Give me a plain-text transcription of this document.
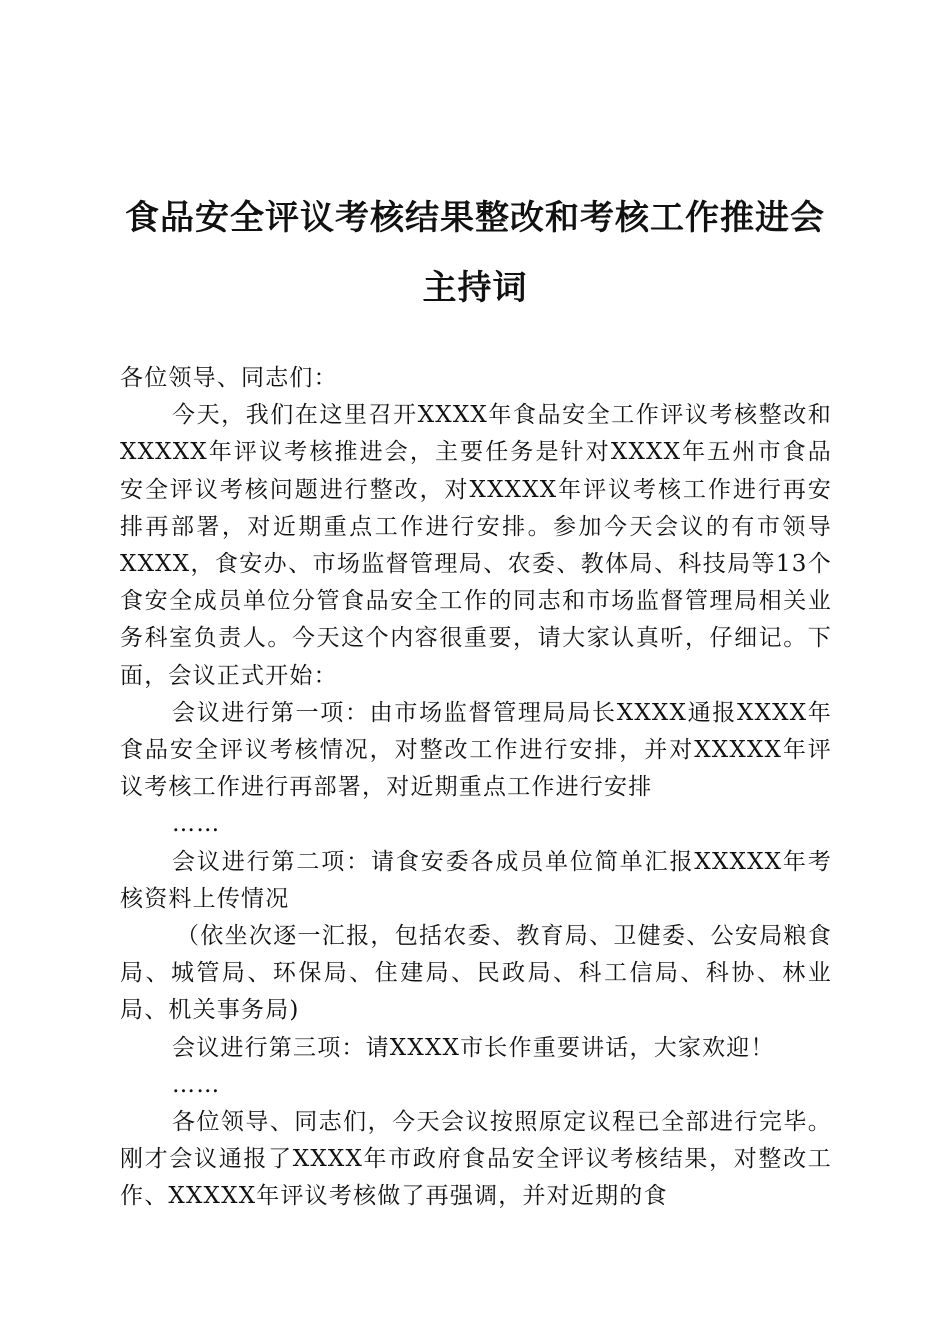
食品安全评议考核结果整改和考核工作推进会
主持词

各位领导、同志们：

今天，我们在这里召开XXXX年食品安全工作评议考核整改和XXXXX年评议考核推进会，主要任务是针对XXXX年五州市食品安全评议考核问题进行整改，对XXXXX年评议考核工作进行再安排再部署，对近期重点工作进行安排。参加今天会议的有市领导XXXX，食安办、市场监督管理局、农委、教体局、科技局等13个食安全成员单位分管食品安全工作的同志和市场监督管理局相关业务科室负责人。今天这个内容很重要，请大家认真听，仔细记。下面，会议正式开始：

会议进行第一项：由市场监督管理局局长XXXX通报XXXX年食品安全评议考核情况，对整改工作进行安排，并对XXXXX年评议考核工作进行再部署，对近期重点工作进行安排

……

会议进行第二项：请食安委各成员单位简单汇报XXXXX年考核资料上传情况

（依坐次逐一汇报，包括农委、教育局、卫健委、公安局粮食局、城管局、环保局、住建局、民政局、科工信局、科协、林业局、机关事务局)

会议进行第三项：请XXXX市长作重要讲话，大家欢迎！

……

各位领导、同志们，今天会议按照原定议程已全部进行完毕。刚才会议通报了XXXX年市政府食品安全评议考核结果，对整改工作、XXXXX年评议考核做了再强调，并对近期的食
